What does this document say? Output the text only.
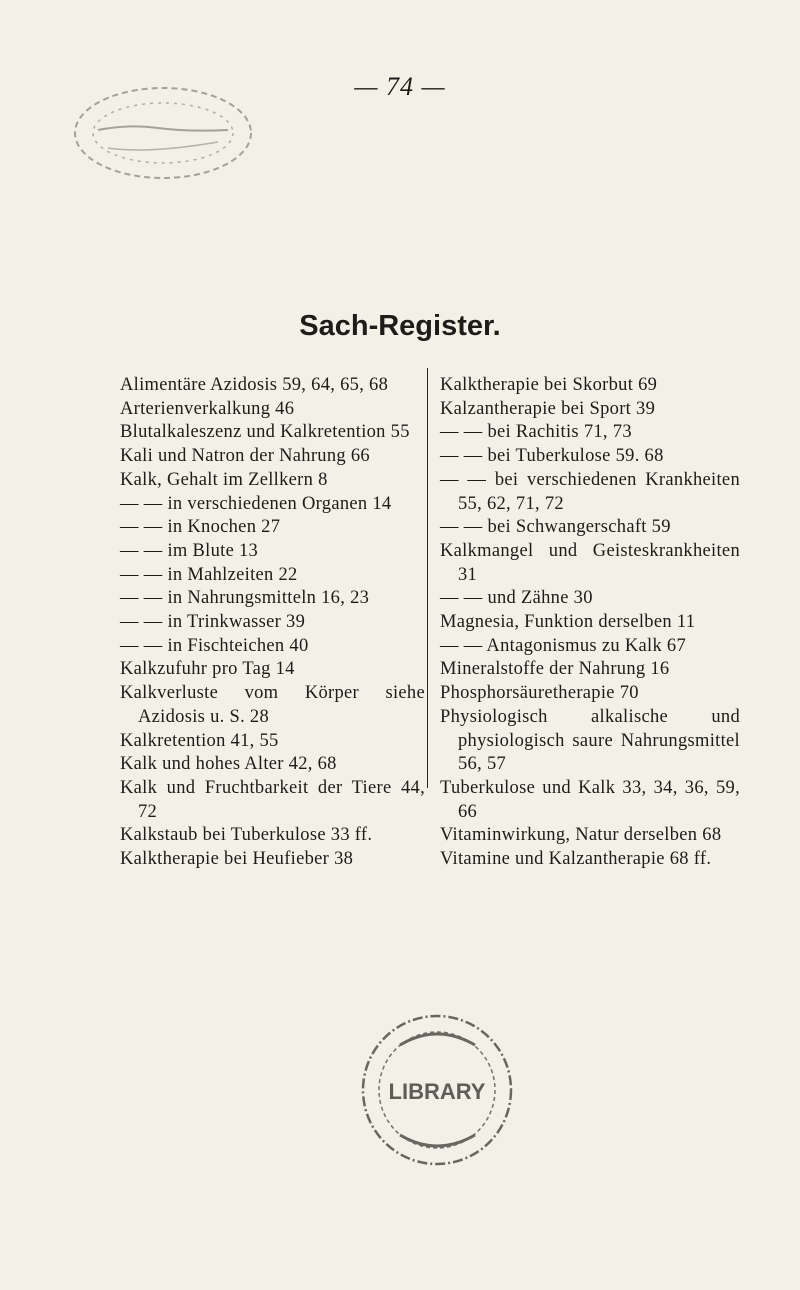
— 74 —
Sach-Register.
Alimentäre Azidosis 59, 64, 65, 68
Arterienverkalkung 46
Blutalkaleszenz und Kalkretention 55
Kali und Natron der Nahrung 66
Kalk, Gehalt im Zellkern 8
— — in verschiedenen Organen 14
— — in Knochen 27
— — im Blute 13
— — in Mahlzeiten 22
— — in Nahrungsmitteln 16, 23
— — in Trinkwasser 39
— — in Fischteichen 40
Kalkzufuhr pro Tag 14
Kalkverluste vom Körper siehe Azidosis u. S. 28
Kalkretention 41, 55
Kalk und hohes Alter 42, 68
Kalk und Fruchtbarkeit der Tiere 44, 72
Kalkstaub bei Tuberkulose 33 ff.
Kalktherapie bei Heufieber 38
Kalktherapie bei Skorbut 69
Kalzantherapie bei Sport 39
— — bei Rachitis 71, 73
— — bei Tuberkulose 59. 68
— — bei verschiedenen Krankheiten 55, 62, 71, 72
— — bei Schwangerschaft 59
Kalkmangel und Geisteskrankheiten 31
— — und Zähne 30
Magnesia, Funktion derselben 11
— — Antagonismus zu Kalk 67
Mineralstoffe der Nahrung 16
Phosphorsäuretherapie 70
Physiologisch alkalische und physiologisch saure Nahrungsmittel 56, 57
Tuberkulose und Kalk 33, 34, 36, 59, 66
Vitaminwirkung, Natur derselben 68
Vitamine und Kalzantherapie 68 ff.
LIBRARY
